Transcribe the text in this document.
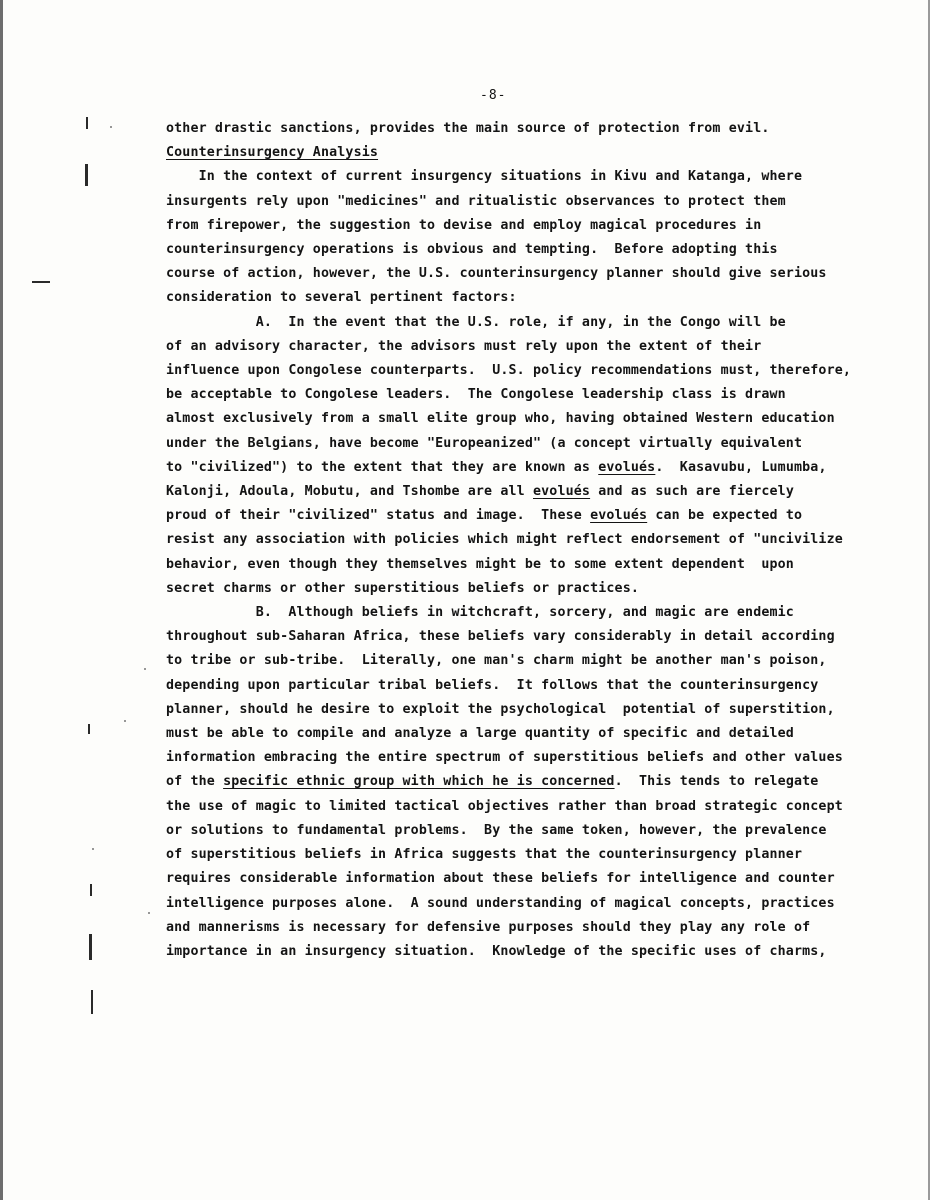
-8-
other drastic sanctions, provides the main source of protection from evil.
Counterinsurgency Analysis
In the context of current insurgency situations in Kivu and Katanga, where
insurgents rely upon "medicines" and ritualistic observances to protect them
from firepower, the suggestion to devise and employ magical procedures in
counterinsurgency operations is obvious and tempting.  Before adopting this
course of action, however, the U.S. counterinsurgency planner should give serious
consideration to several pertinent factors:
A.  In the event that the U.S. role, if any, in the Congo will be
of an advisory character, the advisors must rely upon the extent of their
influence upon Congolese counterparts.  U.S. policy recommendations must, therefore,
be acceptable to Congolese leaders.  The Congolese leadership class is drawn
almost exclusively from a small elite group who, having obtained Western education
under the Belgians, have become "Europeanized" (a concept virtually equivalent
to "civilized") to the extent that they are known as evolués.  Kasavubu, Lumumba,
Kalonji, Adoula, Mobutu, and Tshombe are all evolués and as such are fiercely
proud of their "civilized" status and image.  These evolués can be expected to
resist any association with policies which might reflect endorsement of "uncivilize
behavior, even though they themselves might be to some extent dependent  upon
secret charms or other superstitious beliefs or practices.
B.  Although beliefs in witchcraft, sorcery, and magic are endemic
throughout sub-Saharan Africa, these beliefs vary considerably in detail according
to tribe or sub-tribe.  Literally, one man's charm might be another man's poison,
depending upon particular tribal beliefs.  It follows that the counterinsurgency
planner, should he desire to exploit the psychological  potential of superstition,
must be able to compile and analyze a large quantity of specific and detailed
information embracing the entire spectrum of superstitious beliefs and other values
of the specific ethnic group with which he is concerned.  This tends to relegate
the use of magic to limited tactical objectives rather than broad strategic concept
or solutions to fundamental problems.  By the same token, however, the prevalence
of superstitious beliefs in Africa suggests that the counterinsurgency planner
requires considerable information about these beliefs for intelligence and counter
intelligence purposes alone.  A sound understanding of magical concepts, practices
and mannerisms is necessary for defensive purposes should they play any role of
importance in an insurgency situation.  Knowledge of the specific uses of charms,
